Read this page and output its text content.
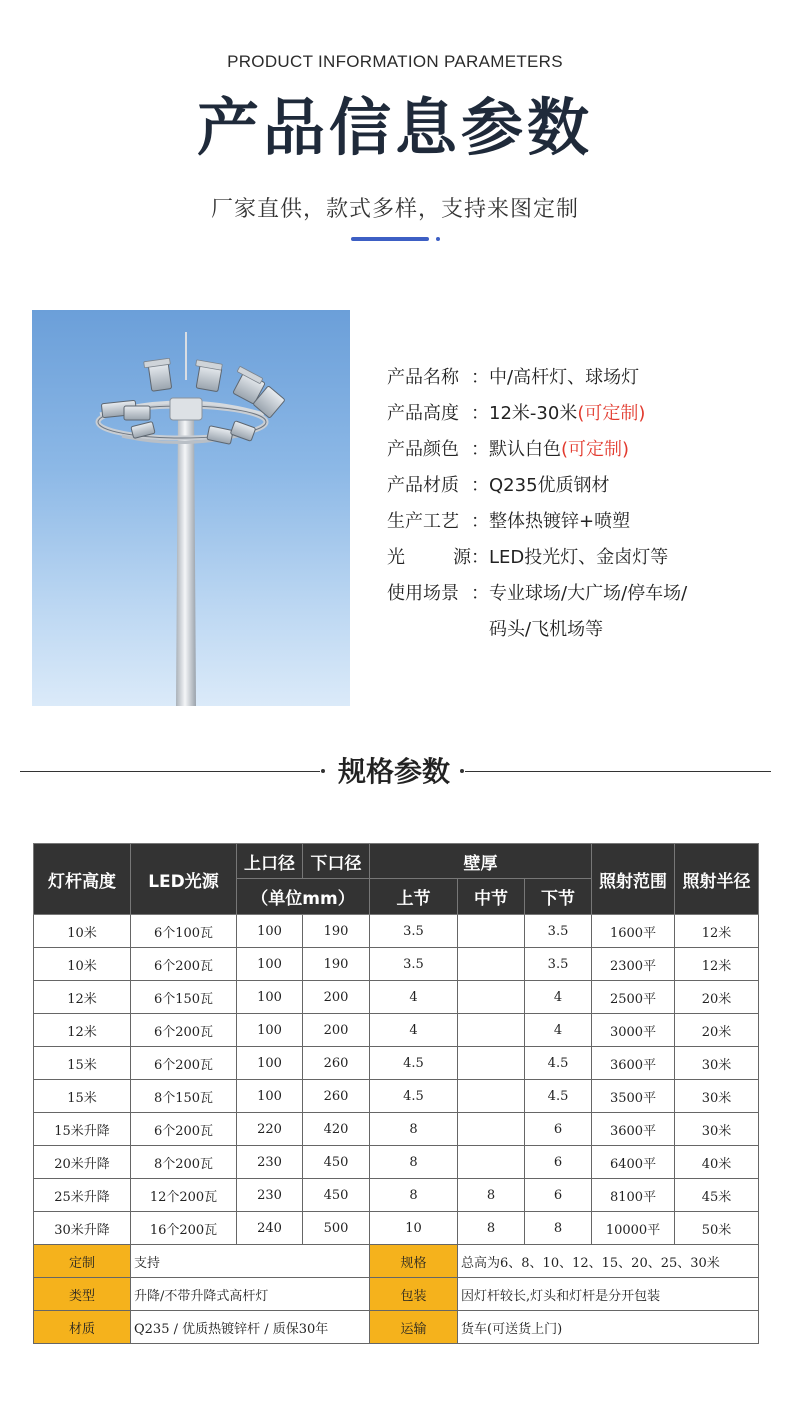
PRODUCT INFORMATION PARAMETERS
产品信息参数
厂家直供，款式多样，支持来图定制
产品名称 ： 中/高杆灯、球场灯
产品高度 ： 12米-30米(可定制)
产品颜色 ： 默认白色(可定制)
产品材质 ： Q235优质钢材
生产工艺 ： 整体热镀锌+喷塑
光	源： LED投光灯、金卤灯等
使用场景 ： 专业球场/大广场/停车场/
码头/飞机场等
规格参数
灯杆高度	LED光源	上口径	下口径	壁厚			照射范围	照射半径
		（单位mm）		上节	中节	下节		
10米	6个100瓦	100	190	3.5		3.5	1600平	12米
10米	6个200瓦	100	190	3.5		3.5	2300平	12米
12米	6个150瓦	100	200	4		4	2500平	20米
12米	6个200瓦	100	200	4		4	3000平	20米
15米	6个200瓦	100	260	4.5		4.5	3600平	30米
15米	8个150瓦	100	260	4.5		4.5	3500平	30米
15米升降	6个200瓦	220	420	8		6	3600平	30米
20米升降	8个200瓦	230	450	8		6	6400平	40米
25米升降	12个200瓦	230	450	8	8	6	8100平	45米
30米升降	16个200瓦	240	500	10	8	8	10000平	50米
定制	支持			规格	总高为6、8、10、12、15、20、25、30米			
类型	升降/不带升降式高杆灯			包装	因灯杆较长,灯头和灯杆是分开包装			
材质	Q235 / 优质热镀锌杆 / 质保30年			运输	货车(可送货上门)			
